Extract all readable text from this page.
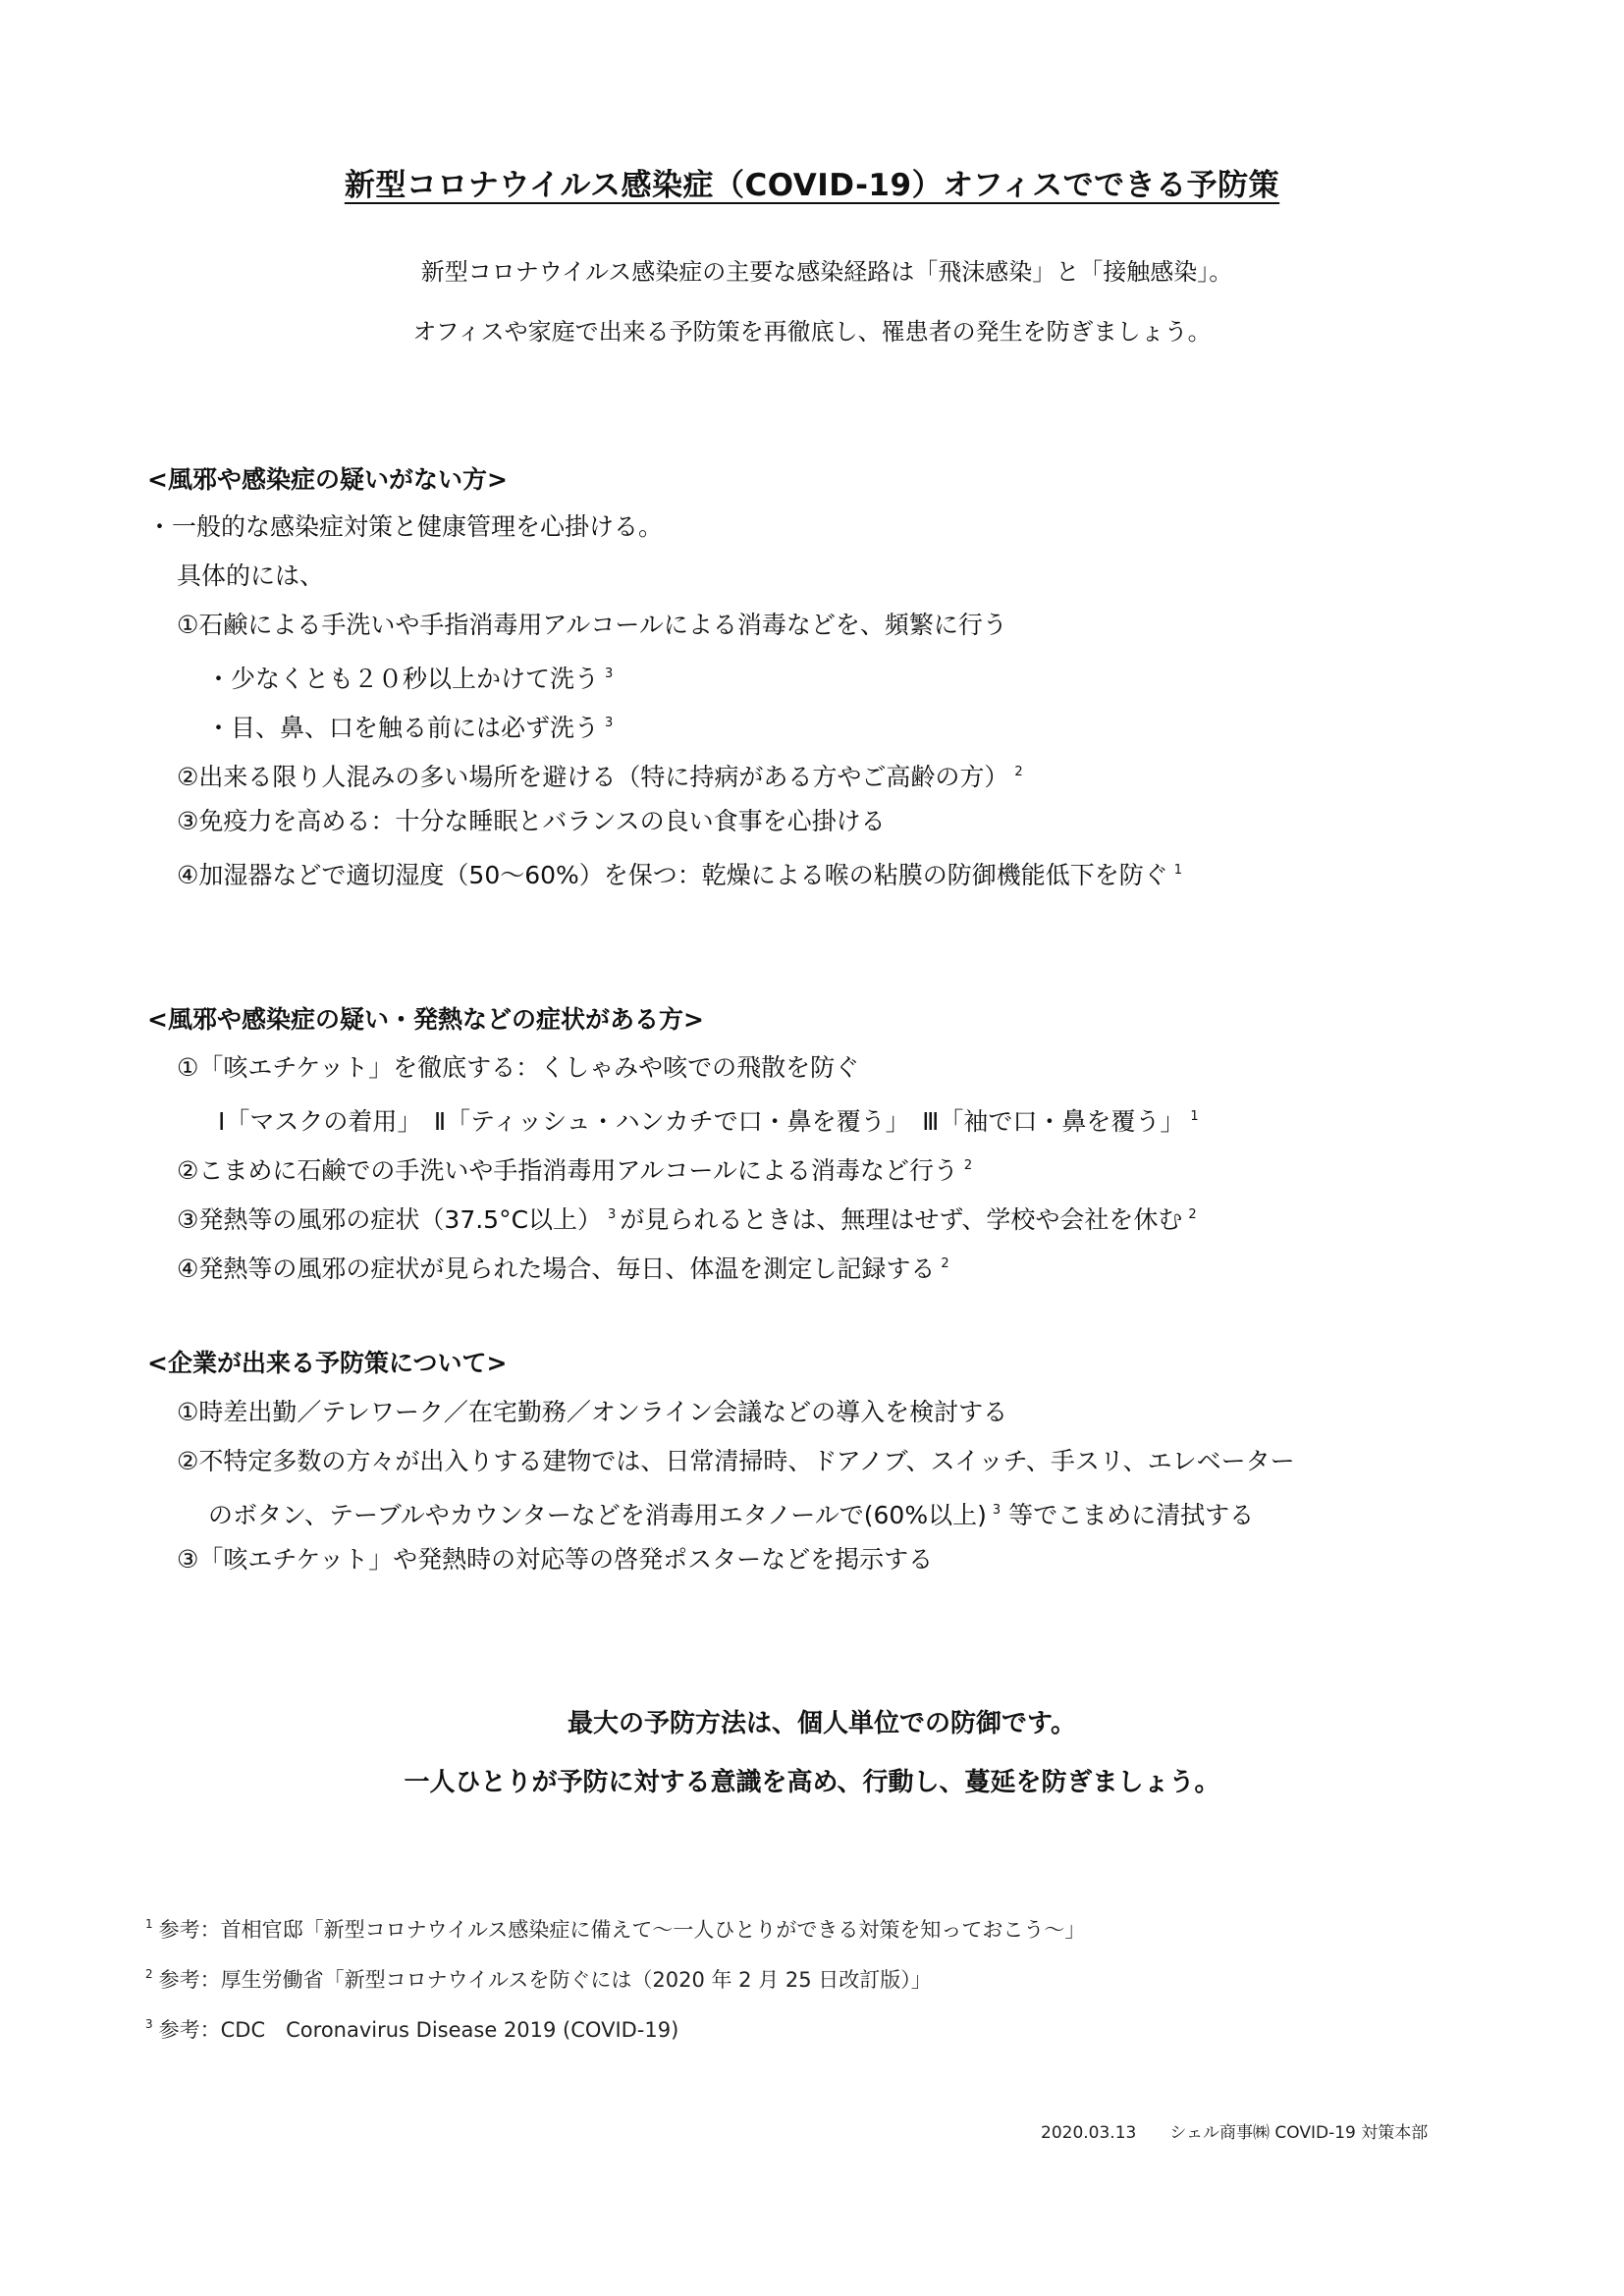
新型コロナウイルス感染症（COVID-19）オフィスでできる予防策
新型コロナウイルス感染症の主要な感染経路は「飛沫感染」と「接触感染」。
オフィスや家庭で出来る予防策を再徹底し、罹患者の発生を防ぎましょう。
<風邪や感染症の疑いがない方>
・一般的な感染症対策と健康管理を心掛ける。
具体的には、
①石鹸による手洗いや手指消毒用アルコールによる消毒などを、頻繁に行う
・少なくとも２０秒以上かけて洗う $^3$
・目、鼻、口を触る前には必ず洗う $^3$
②出来る限り人混みの多い場所を避ける（特に持病がある方やご高齢の方） $^2$
③免疫力を高める：十分な睡眠とバランスの良い食事を心掛ける
④加湿器などで適切湿度（50～60%）を保つ：乾燥による喉の粘膜の防御機能低下を防ぐ $^1$
<風邪や感染症の疑い・発熱などの症状がある方>
①「咳エチケット」を徹底する：くしゃみや咳での飛散を防ぐ
Ⅰ「マスクの着用」　Ⅱ「ティッシュ・ハンカチで口・鼻を覆う」　Ⅲ「袖で口・鼻を覆う」 $^1$
②こまめに石鹸での手洗いや手指消毒用アルコールによる消毒など行う $^2$
③発熱等の風邪の症状（37.5°C以上） $^3$ が見られるときは、無理はせず、学校や会社を休む $^2$
④発熱等の風邪の症状が見られた場合、毎日、体温を測定し記録する $^2$
<企業が出来る予防策について>
①時差出勤／テレワーク／在宅勤務／オンライン会議などの導入を検討する
②不特定多数の方々が出入りする建物では、日常清掃時、ドアノブ、スイッチ、手スリ、エレベーター
のボタン、テーブルやカウンターなどを消毒用エタノールで(60%以上) $^3$ 等でこまめに清拭する
③「咳エチケット」や発熱時の対応等の啓発ポスターなどを掲示する
最大の予防方法は、個人単位での防御です。
一人ひとりが予防に対する意識を高め、行動し、蔓延を防ぎましょう。
$^1$ 参考：首相官邸「新型コロナウイルス感染症に備えて～一人ひとりができる対策を知っておこう～」
$^2$ 参考：厚生労働省「新型コロナウイルスを防ぐには（2020 年 2 月 25 日改訂版）」
$^3$ 参考：CDC　Coronavirus Disease 2019 (COVID-19)
2020.03.13　　シェル商事㈱ COVID-19 対策本部
